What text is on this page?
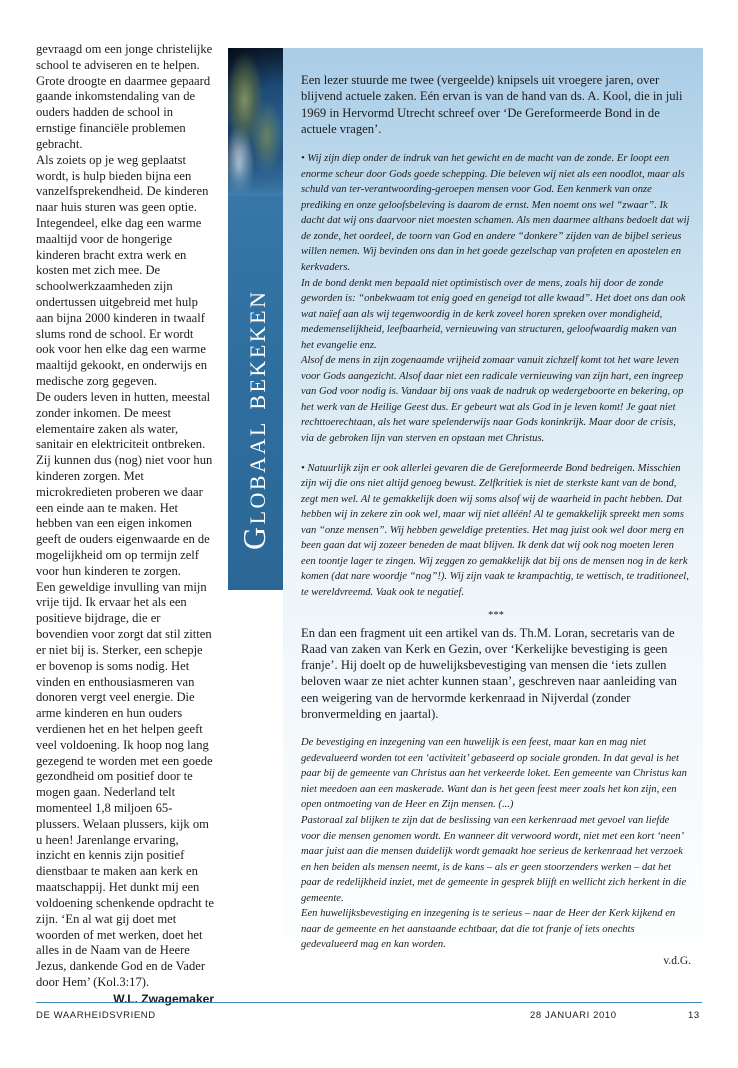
gevraagd om een jonge christelijke school te adviseren en te helpen. Grote droogte en daarmee gepaard gaande inkomstendaling van de ouders hadden de school in ernstige financiële problemen gebracht.

Als zoiets op je weg geplaatst wordt, is hulp bieden bijna een vanzelfsprekendheid. De kinderen naar huis sturen was geen optie. Integendeel, elke dag een warme maaltijd voor de hongerige kinderen bracht extra werk en kosten met zich mee. De schoolwerkzaamheden zijn ondertussen uitgebreid met hulp aan bijna 2000 kinderen in twaalf slums rond de school. Er wordt ook voor hen elke dag een warme maaltijd gekookt, en onderwijs en medische zorg gegeven.

De ouders leven in hutten, meestal zonder inkomen. De meest elementaire zaken als water, sanitair en elektriciteit ontbreken. Zij kunnen dus (nog) niet voor hun kinderen zorgen. Met microkredieten proberen we daar een einde aan te maken. Het hebben van een eigen inkomen geeft de ouders eigenwaarde en de mogelijkheid om op termijn zelf voor hun kinderen te zorgen.

Een geweldige invulling van mijn vrije tijd. Ik ervaar het als een positieve bijdrage, die er bovendien voor zorgt dat stil zitten er niet bij is. Sterker, een schepje er bovenop is soms nodig. Het vinden en enthousiasmeren van donoren vergt veel energie. Die arme kinderen en hun ouders verdienen het en het helpen geeft veel voldoening. Ik hoop nog lang gezegend te worden met een goede gezondheid om positief door te mogen gaan. Nederland telt momenteel 1,8 miljoen 65-plussers. Welaan plussers, kijk om u heen! Jarenlange ervaring, inzicht en kennis zijn positief dienstbaar te maken aan kerk en maatschappij. Het dunkt mij een voldoening schenkende opdracht te zijn. ‘En al wat gij doet met woorden of met werken, doet het alles in de Naam van de Heere Jezus, dankende God en de Vader door Hem’ (Kol.3:17).

W.L. Zwagemaker

Globaal bekeken

Een lezer stuurde me twee (vergeelde) knipsels uit vroegere jaren, over blijvend actuele zaken. Eén ervan is van de hand van ds. A. Kool, die in juli 1969 in Hervormd Utrecht schreef over ‘De Gereformeerde Bond in de actuele vragen’.

• Wij zijn diep onder de indruk van het gewicht en de macht van de zonde. Er loopt een enorme scheur door Gods goede schepping. Die beleven wij niet als een noodlot, maar als schuld van ter-verantwoording-geroepen mensen voor God. Een kenmerk van onze prediking en onze geloofsbeleving is daarom de ernst. Men noemt ons wel “zwaar”. Ik dacht dat wij ons daarvoor niet moesten schamen. Als men daarmee althans bedoelt dat wij de zonde, het oordeel, de toorn van God en andere “donkere” zijden van de bijbel serieus willen nemen. Wij bevinden ons dan in het goede gezelschap van profeten en apostelen en kerkvaders.

In de bond denkt men bepaald niet optimistisch over de mens, zoals hij door de zonde geworden is: “onbekwaam tot enig goed en geneigd tot alle kwaad”. Het doet ons dan ook wat naïef aan als wij tegenwoordig in de kerk zoveel horen spreken over mondigheid, medemenselijkheid, leefbaarheid, vernieuwing van structuren, geloofwaardig maken van het evangelie enz.

Alsof de mens in zijn zogenaamde vrijheid zomaar vanuit zichzelf komt tot het ware leven voor Gods aangezicht. Alsof daar niet een radicale vernieuwing van zijn hart, een ingreep van God voor nodig is. Vandaar bij ons vaak de nadruk op wedergeboorte en bekering, op het werk van de Heilige Geest dus. Er gebeurt wat als God in je leven komt! Je gaat niet rechttoerechtaan, als het ware spelenderwijs naar Gods koninkrijk. Maar door de crisis, via de gebroken lijn van sterven en opstaan met Christus.

• Natuurlijk zijn er ook allerlei gevaren die de Gereformeerde Bond bedreigen. Misschien zijn wij die ons niet altijd genoeg bewust. Zelfkritiek is niet de sterkste kant van de bond, zegt men wel. Al te gemakkelijk doen wij soms alsof wij de waarheid in pacht hebben. Dat hebben wij in zekere zin ook wel, maar wij niet alléén! Al te gemakkelijk spreekt men soms van “onze mensen”. Wij hebben geweldige pretenties. Het mag juist ook wel door merg en been gaan dat wij zozeer beneden de maat blijven. Ik denk dat wij ook nog moeten leren een toontje lager te zingen. Wij zeggen zo gemakkelijk dat bij ons de mensen nog in de kerk komen (dat nare woordje “nog”!). Wij zijn vaak te krampachtig, te wettisch, te traditioneel, te wereldvreemd. Vaak ook te negatief.

***

En dan een fragment uit een artikel van ds. Th.M. Loran, secretaris van de Raad van zaken van Kerk en Gezin, over ‘Kerkelijke bevestiging is geen franje’. Hij doelt op de huwelijksbevestiging van mensen die ‘iets zullen beloven waar ze niet achter kunnen staan’, geschreven naar aanleiding van een weigering van de hervormde kerkenraad in Nijverdal (zonder bronvermelding en jaartal).

De bevestiging en inzegening van een huwelijk is een feest, maar kan en mag niet gedevalueerd worden tot een ‘activiteit’ gebaseerd op sociale gronden. In dat geval is het paar bij de gemeente van Christus aan het verkeerde loket. Een gemeente van Christus kan niet meedoen aan een maskerade. Want dan is het geen feest meer zoals het kon zijn, een open ontmoeting van de Heer en Zijn mensen. (...)

Pastoraal zal blijken te zijn dat de beslissing van een kerkenraad met gevoel van liefde voor die mensen genomen wordt. En wanneer dit verwoord wordt, niet met een kort ‘neen’ maar juist aan die mensen duidelijk wordt gemaakt hoe serieus de kerkenraad het verzoek en hen beiden als mensen neemt, is de kans – als er geen stoorzenders werken – dat het paar de redelijkheid inziet, met de gemeente in gesprek blijft en wellicht zich herkent in die gemeente.

Een huwelijksbevestiging en inzegening is te serieus – naar de Heer der Kerk kijkend en naar de gemeente en het aanstaande echtbaar, dat die tot franje of iets onechts gedevalueerd mag en kan worden.

v.d.G.

DE WAARHEIDSVRIEND	28 JANUARI 2010	13
